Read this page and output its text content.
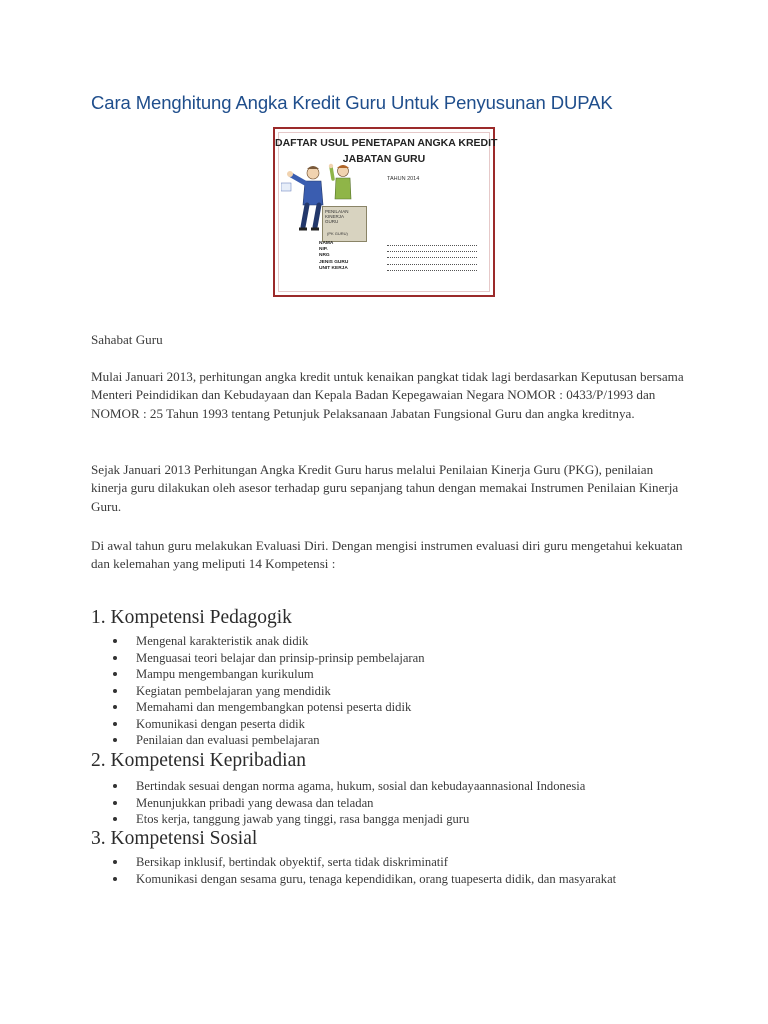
Cara Menghitung Angka Kredit Guru Untuk Penyusunan DUPAK
DAFTAR USUL PENETAPAN ANGKA KREDIT
JABATAN GURU
TAHUN 2014
PENILAIAN
KINERJA
GURU
(PK GURU)
NAMA
NIP.
NRG
JENIS GURU
UNIT KERJA

Sahabat Guru

Mulai Januari 2013, perhitungan angka kredit untuk kenaikan pangkat tidak lagi berdasarkan Keputusan bersama Menteri Peindidikan dan Kebudayaan dan Kepala Badan Kepegawaian Negara NOMOR : 0433/P/1993 dan NOMOR : 25 Tahun 1993 tentang Petunjuk Pelaksanaan Jabatan Fungsional Guru dan angka kreditnya.

Sejak Januari 2013 Perhitungan Angka Kredit Guru harus melalui Penilaian Kinerja Guru (PKG), penilaian kinerja guru dilakukan oleh asesor terhadap guru sepanjang tahun dengan memakai Instrumen Penilaian Kinerja Guru.

Di awal tahun guru melakukan Evaluasi Diri. Dengan mengisi instrumen evaluasi diri guru mengetahui kekuatan dan kelemahan yang meliputi 14 Kompetensi :

1. Kompetensi Pedagogik
Mengenal karakteristik anak didik
Menguasai teori belajar dan prinsip-prinsip pembelajaran
Mampu mengembangan kurikulum
Kegiatan pembelajaran yang mendidik
Memahami dan mengembangkan potensi peserta didik
Komunikasi dengan peserta didik
Penilaian dan evaluasi pembelajaran
2. Kompetensi Kepribadian
Bertindak sesuai dengan norma agama, hukum, sosial dan kebudayaannasional Indonesia
Menunjukkan pribadi yang dewasa dan teladan
Etos kerja, tanggung jawab yang tinggi, rasa bangga menjadi guru
3. Kompetensi Sosial
Bersikap inklusif, bertindak obyektif, serta tidak diskriminatif
Komunikasi dengan sesama guru, tenaga kependidikan, orang tuapeserta didik, dan masyarakat
